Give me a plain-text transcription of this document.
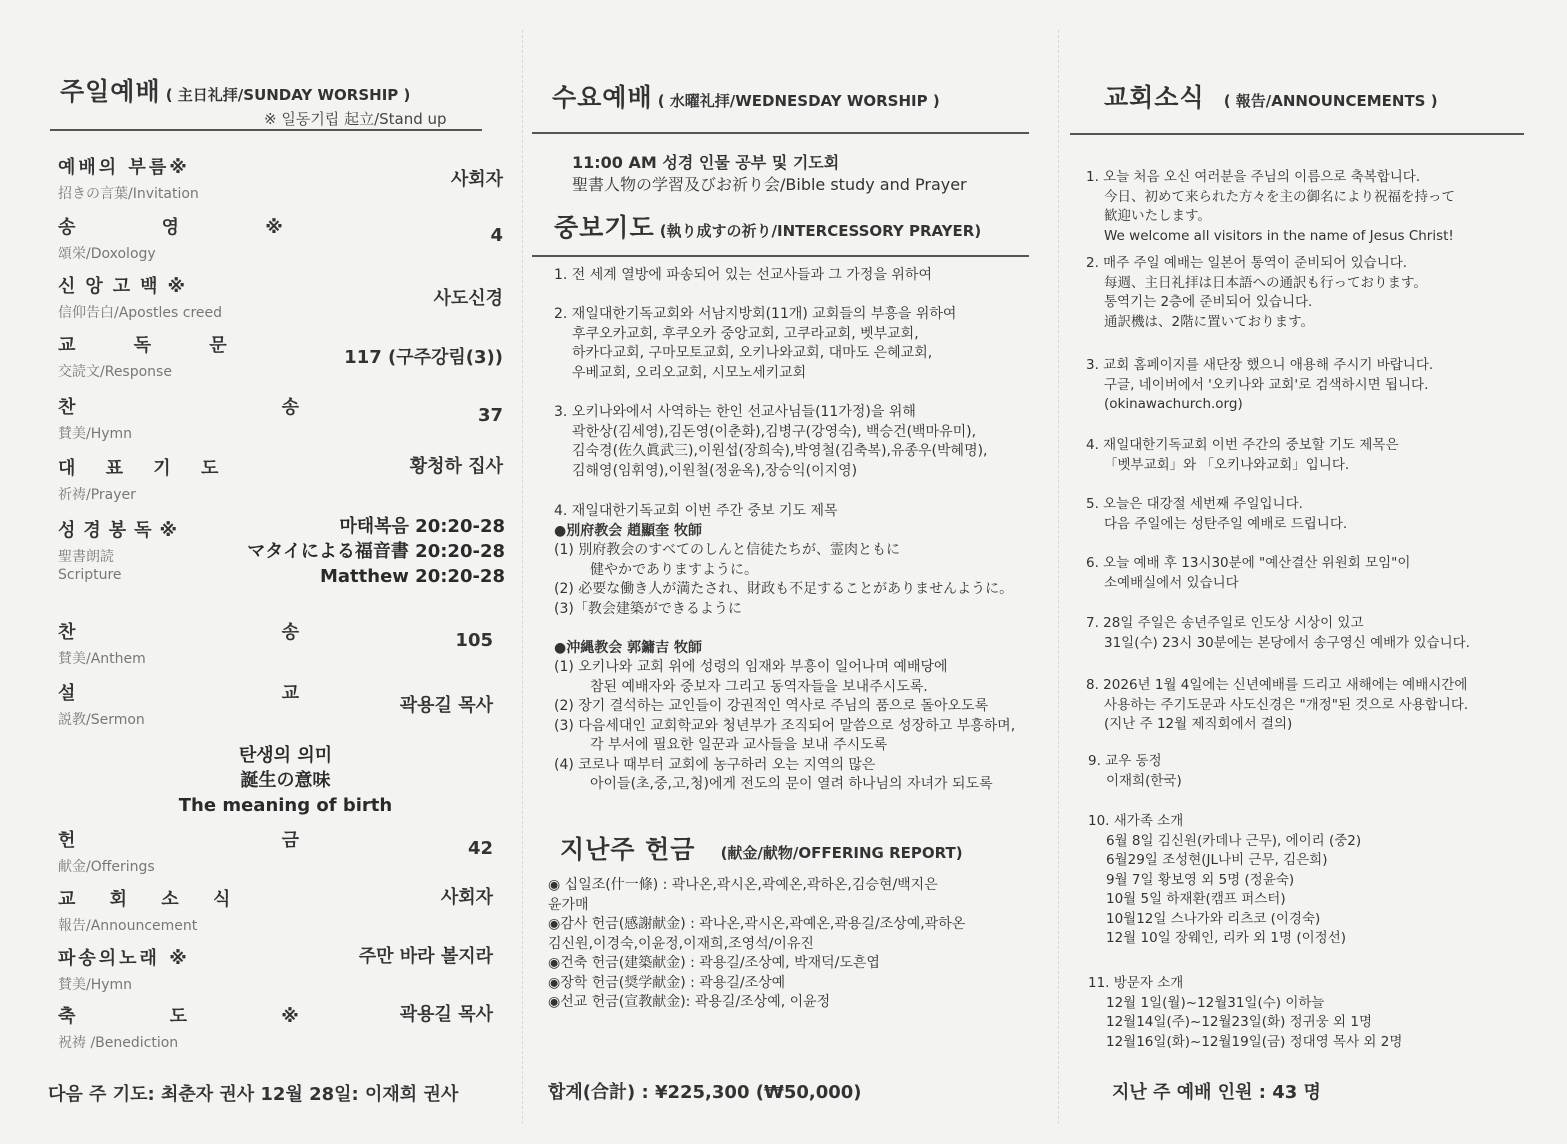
주일예배 ( 主日礼拝/SUNDAY WORSHIP )
※ 일동기립 起立/Stand up
예배의 부름※
招きの言葉/Invitation
사회자
송 영 ※
頌栄/Doxology
4
신앙고백※
信仰告白/Apostles creed
사도신경
교 독 문
交読文/Response
117 (구주강림(3))
찬 송
賛美/Hymn
37
대 표 기 도
祈祷/Prayer
황청하 집사
성경봉독※
聖書朗読
Scripture
마태복음 20:20-28
マタイによる福音書 20:20-28
Matthew 20:20-28
찬 송
賛美/Anthem
105
설 교
説教/Sermon
곽용길 목사
탄생의 의미
誕生の意味
The meaning of birth
헌 금
献金/Offerings
42
교 회 소 식
報告/Announcement
사회자
파송의노래 ※
賛美/Hymn
주만 바라 볼지라
축 도 ※
祝祷 /Benediction
곽용길 목사
다음 주 기도: 최춘자 권사 12월 28일: 이재희 권사
수요예배 ( 水曜礼拝/WEDNESDAY WORSHIP )
11:00 AM 성경 인물 공부 및 기도회
聖書人物の学習及びお祈り会/Bible study and Prayer
중보기도 (執り成すの祈り/INTERCESSORY PRAYER)
1. 전 세계 열방에 파송되어 있는 선교사들과 그 가정을 위하여
2. 재일대한기독교회와 서남지방회(11개) 교회들의 부흥을 위하여
후쿠오카교회, 후쿠오카 중앙교회, 고쿠라교회, 벳부교회,
하카다교회, 구마모토교회, 오키나와교회, 대마도 은혜교회,
우베교회, 오리오교회, 시모노세키교회
3. 오키나와에서 사역하는 한인 선교사님들(11가정)을 위해
곽한상(김세영),김돈영(이춘화),김병구(강영숙), 백승건(백마유미),
김숙경(佐久眞武三),이원섭(장희숙),박영철(김축복),유종우(박혜명),
김해영(임휘영),이원철(정윤옥),장승익(이지영)
4. 재일대한기독교회 이번 주간 중보 기도 제목
●別府教会 趙顯奎 牧師
(1) 別府教会のすべてのしんと信徒たちが、霊肉ともに
健やかでありますように。
(2) 必要な働き人が満たされ、財政も不足することがありませんように。
(3)「教会建築ができるように

●沖縄教会 郭鏞吉 牧師
(1) 오키나와 교회 위에 성령의 임재와 부흥이 일어나며 예배당에
참된 예배자와 중보자 그리고 동역자들을 보내주시도록.
(2) 장기 결석하는 교인들이 강권적인 역사로 주님의 품으로 돌아오도록
(3) 다음세대인 교회학교와 청년부가 조직되어 말씀으로 성장하고 부흥하며,
각 부서에 필요한 일꾼과 교사들을 보내 주시도록
(4) 코로나 때부터 교회에 농구하러 오는 지역의 많은
아이들(초,중,고,청)에게 전도의 문이 열려 하나님의 자녀가 되도록
지난주 헌금 (献金/献物/OFFERING REPORT)
◉ 십일조(什一條) : 곽나온,곽시온,곽예온,곽하온,김승현/백지은
윤가매
◉감사 헌금(感謝献金) : 곽나온,곽시온,곽예온,곽용길/조상예,곽하온
김신원,이경숙,이윤정,이재희,조영석/이유진
◉건축 헌금(建築献金) : 곽용길/조상예, 박재덕/도흔엽
◉장학 헌금(奨学献金) : 곽용길/조상예
◉선교 헌금(宣教献金): 곽용길/조상예, 이윤정
합계(合計) : ¥225,300 (₩50,000)
교회소식 ( 報告/ANNOUNCEMENTS )
1. 오늘 처음 오신 여러분을 주님의 이름으로 축복합니다.
今日、初めて来られた方々を主の御名により祝福を持って
歓迎いたします。
We welcome all visitors in the name of Jesus Christ!
2. 매주 주일 예배는 일본어 통역이 준비되어 있습니다.
每週、主日礼拝は日本語への通訳も行っております。
통역기는 2층에 준비되어 있습니다.
通訳機は、2階に置いております。
3. 교회 홈페이지를 새단장 했으니 애용해 주시기 바랍니다.
구글, 네이버에서 '오키나와 교회'로 검색하시면 됩니다.
(okinawachurch.org)
4. 재일대한기독교회 이번 주간의 중보할 기도 제목은
「벳부교회」와 「오키나와교회」입니다.
5. 오늘은 대강절 세번째 주일입니다.
다음 주일에는 성탄주일 예배로 드립니다.
6. 오늘 예배 후 13시30분에 "예산결산 위원회 모임"이
소예배실에서 있습니다
7. 28일 주일은 송년주일로 인도상 시상이 있고
31일(수) 23시 30분에는 본당에서 송구영신 예배가 있습니다.
8. 2026년 1월 4일에는 신년예배를 드리고 새해에는 예배시간에
사용하는 주기도문과 사도신경은 "개정"된 것으로 사용합니다.
(지난 주 12월 제직회에서 결의)
9. 교우 동정
이재희(한국)
10. 새가족 소개
6월 8일 김신원(카데나 근무), 에이리 (중2)
6월29일 조성현(JL나비 근무, 김은희)
9월 7일 황보영 외 5명 (정윤숙)
10월 5일 하재환(캠프 퍼스터)
10월12일 스나가와 리츠코 (이경숙)
12월 10일 장웨인, 리카 외 1명 (이정선)
11. 방문자 소개
12월 1일(월)~12월31일(수) 이하늘
12월14일(주)~12월23일(화) 정귀웅 외 1명
12월16일(화)~12월19일(금) 정대영 목사 외 2명
지난 주 예배 인원 : 43 명
